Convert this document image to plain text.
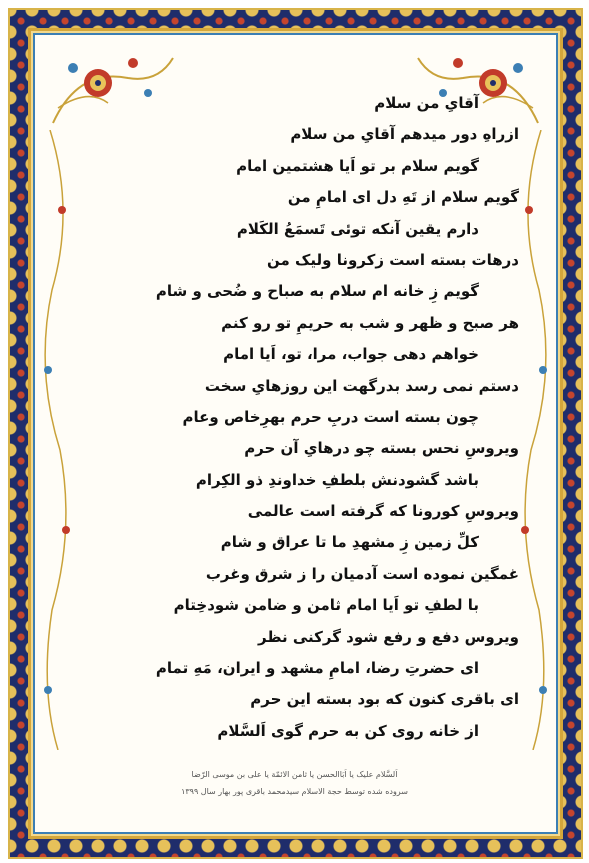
آقایِ من سلام
ازراهِ دور میدهم آقایِ من سلام
گویم سلام بر تو اَیا هشتمین امام
گویم سلام از تَهِ دل ای امامِ من
دارم یقین آنکه توئی تَسمَعُ الکَلام
درهات بسته است زکرونا ولیک من
گویم زِ خانه ام سلام به صباح و ضُحی و شام
هر صبح و ظهر و شب به حریمِ تو رو کنم
خواهم دهی جواب، مرا، تو، اَیا امام
دستم نمی رسد بدرگهت این روزهایِ سخت
چون بسته است دربِ حرم بهرِخاص وعام
ویروسِ نحس بسته چو درهایِ آن حرم
باشد گشودنش بلطفِ خداوندِ ذو الکِرام
ویروسِ کورونا که گرفته است عالمی
کلِّ زمین زِ مشهدِ ما تا عراق و شام
غمگین نموده است آدمیان را ز شرق وغرب
با لطفِ تو اَیا امام ثامن و ضامن شودخِتام
ویروس دفع و رفع شود گرکنی نظر
ای حضرتِ رضا، امامِ مشهد و ایران، مَهِ تمام
ای باقری کنون که بود بسته این حرم
از خانه روی کن به حرم گوی اَلسَّلام
اَلسَّلام علیک یا اَبَاالحسن یا ثامن الائمّة یا علی بن موسی الرّضا
سروده شده توسط حجة الاسلام سیدمحمد باقری پور بهار سال ۱۳۹۹
